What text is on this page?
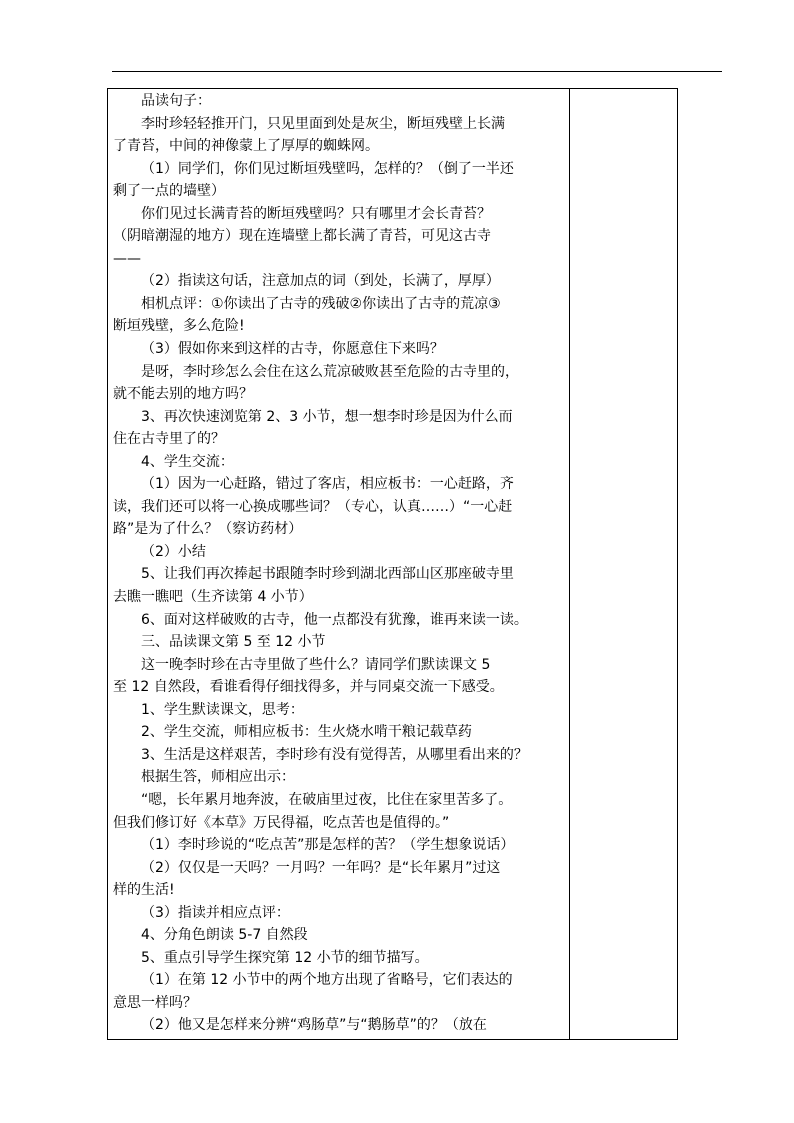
品读句子：
李时珍轻轻推开门，只见里面到处是灰尘，断垣残壁上长满
了青苔，中间的神像蒙上了厚厚的蜘蛛网。
（1）同学们，你们见过断垣残壁吗，怎样的？（倒了一半还
剩了一点的墙壁）
你们见过长满青苔的断垣残壁吗？只有哪里才会长青苔？
（阴暗潮湿的地方）现在连墙壁上都长满了青苔，可见这古寺
——
（2）指读这句话，注意加点的词（到处，长满了，厚厚）
相机点评：①你读出了古寺的残破②你读出了古寺的荒凉③
断垣残壁，多么危险!
（3）假如你来到这样的古寺，你愿意住下来吗？
是呀，李时珍怎么会住在这么荒凉破败甚至危险的古寺里的，
就不能去别的地方吗？
3、再次快速浏览第 2、3 小节，想一想李时珍是因为什么而
住在古寺里了的？
4、学生交流：
（1）因为一心赶路，错过了客店，相应板书：一心赶路，齐
读，我们还可以将一心换成哪些词？（专心，认真……）“一心赶
路”是为了什么？（察访药材）
（2）小结
5、让我们再次捧起书跟随李时珍到湖北西部山区那座破寺里
去瞧一瞧吧（生齐读第 4 小节）
6、面对这样破败的古寺，他一点都没有犹豫，谁再来读一读。
三、品读课文第 5 至 12 小节
这一晚李时珍在古寺里做了些什么？请同学们默读课文 5
至 12 自然段，看谁看得仔细找得多，并与同桌交流一下感受。
1、学生默读课文，思考：
2、学生交流，师相应板书：生火烧水啃干粮记载草药
3、生活是这样艰苦，李时珍有没有觉得苦，从哪里看出来的？
根据生答，师相应出示：
“嗯，长年累月地奔波，在破庙里过夜，比住在家里苦多了。
但我们修订好《本草》万民得福，吃点苦也是值得的。”
（1）李时珍说的“吃点苦”那是怎样的苦？（学生想象说话）
（2）仅仅是一天吗？一月吗？一年吗？是“长年累月”过这
样的生活!
（3）指读并相应点评：
4、分角色朗读 5-7 自然段
5、重点引导学生探究第 12 小节的细节描写。
（1）在第 12 小节中的两个地方出现了省略号，它们表达的
意思一样吗？
（2）他又是怎样来分辨“鸡肠草”与“鹅肠草”的？（放在
